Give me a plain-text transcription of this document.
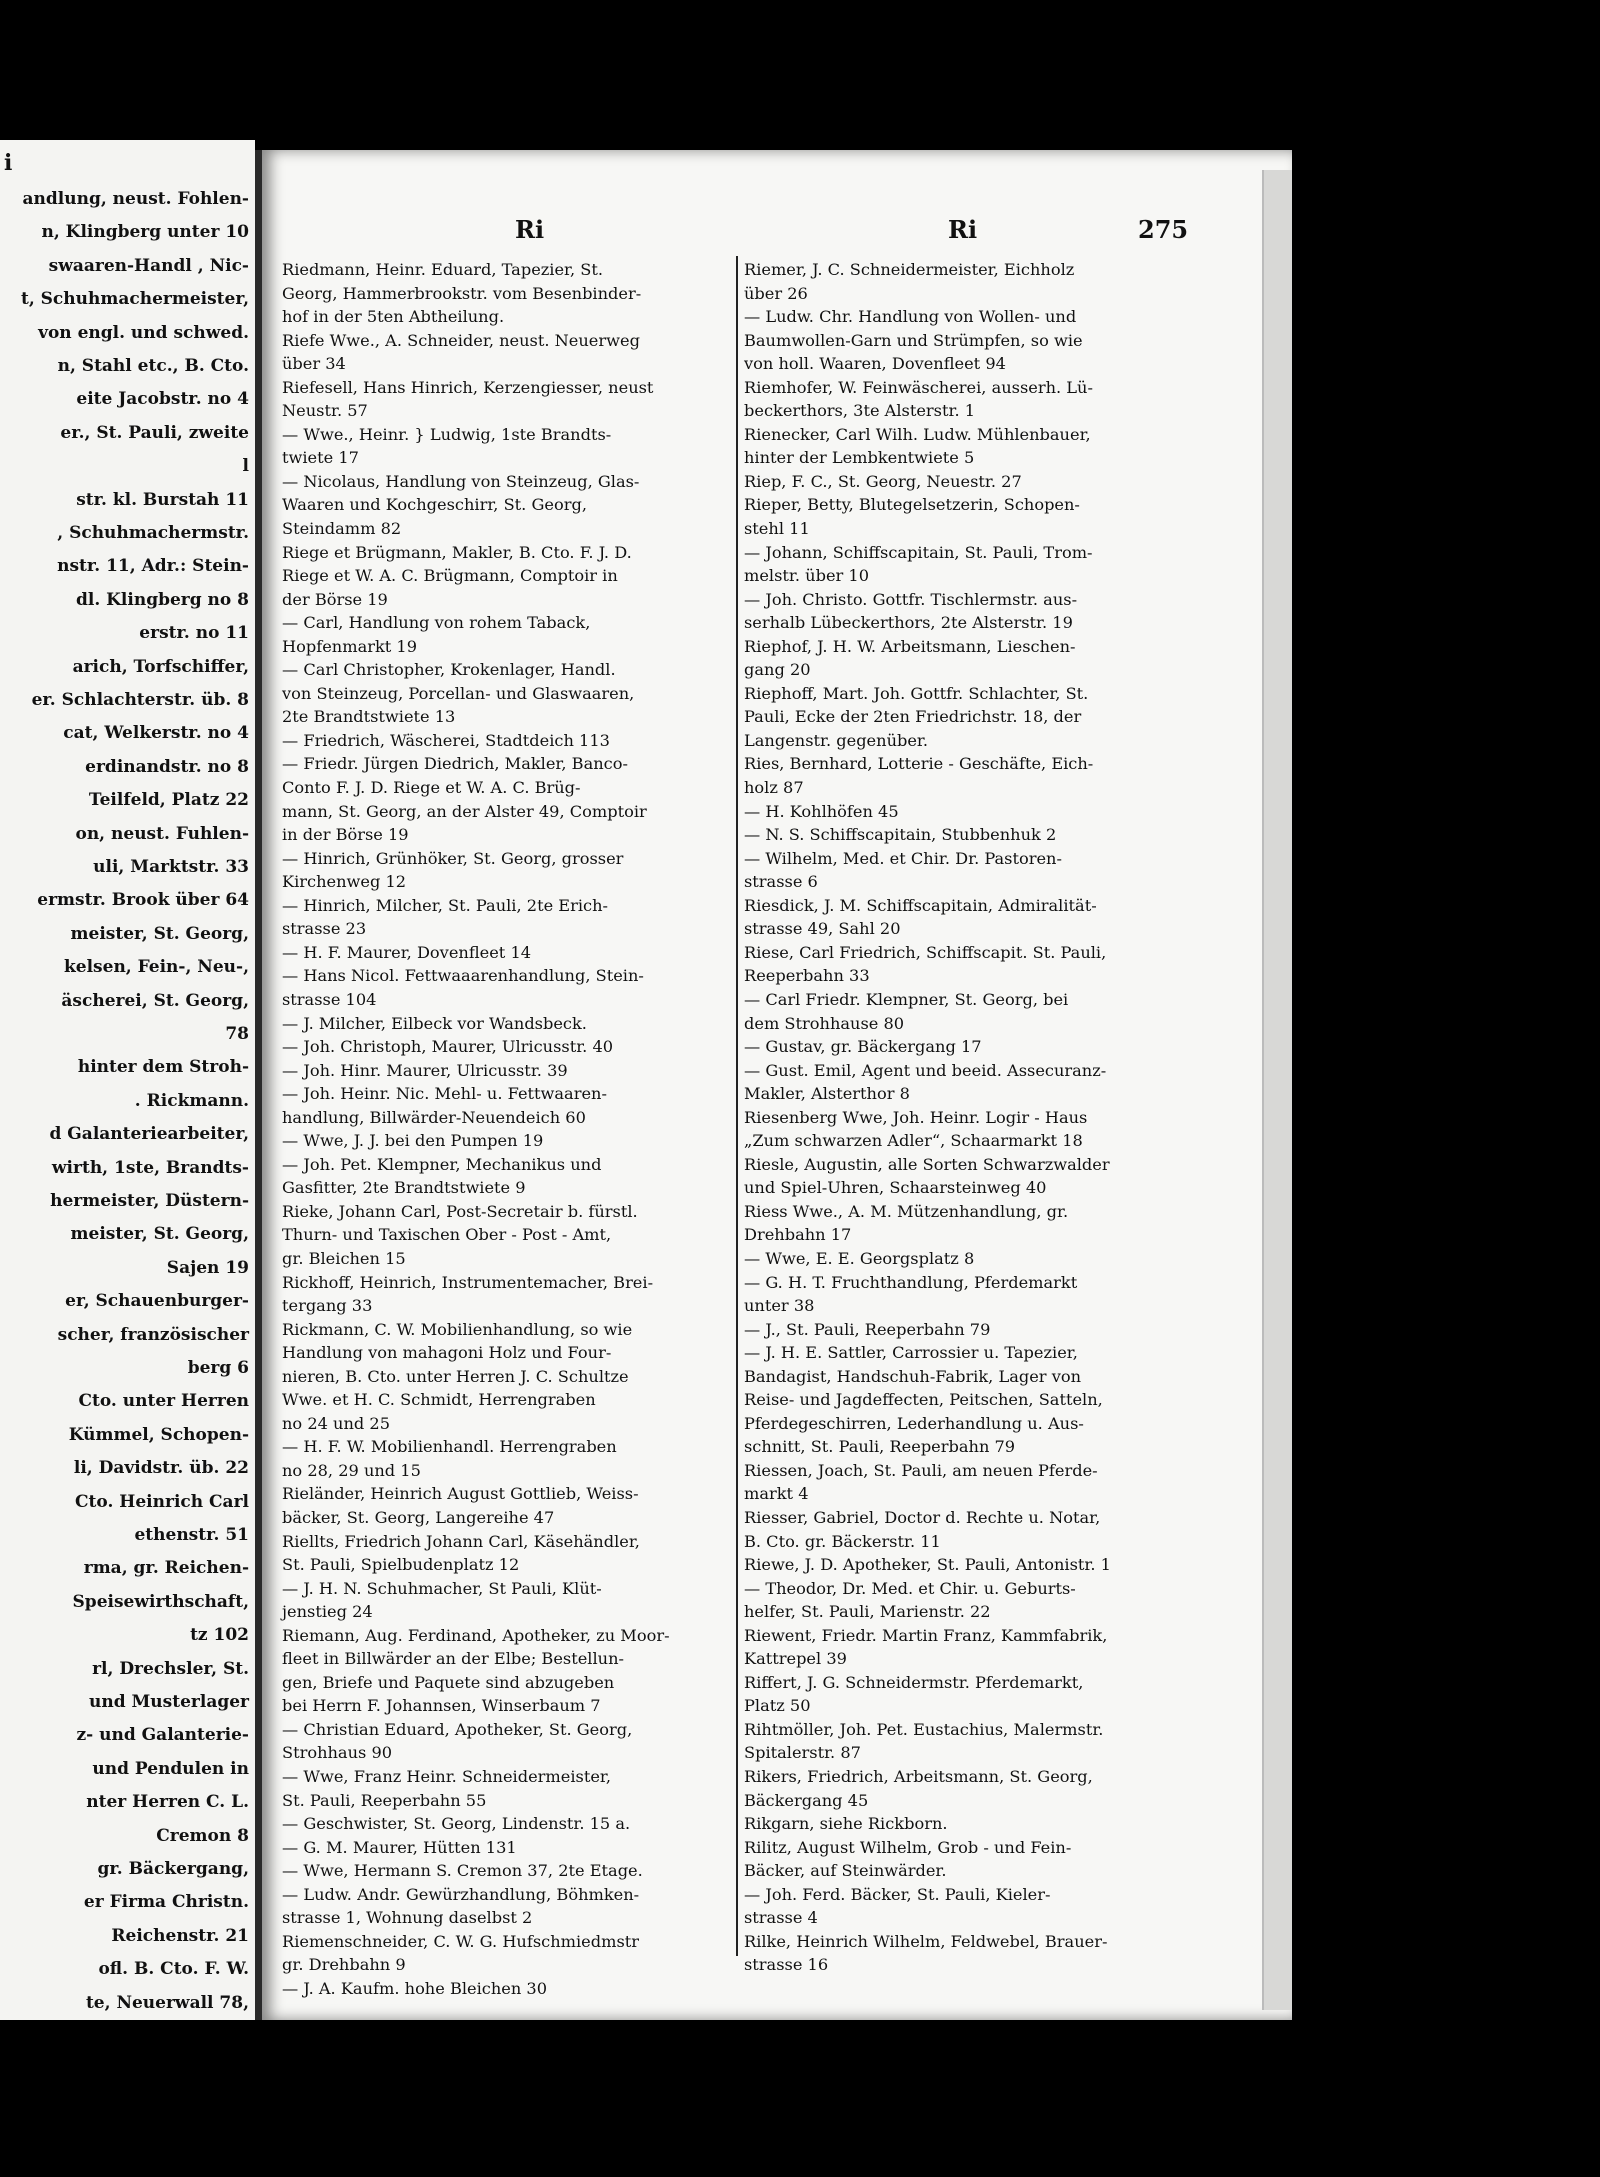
i
andlung, neust. Fohlen-
n, Klingberg unter 10
swaaren-Handl , Nic-
t, Schuhmachermeister,
von engl. und schwed.
n, Stahl etc., B. Cto.
eite Jacobstr. no 4
er., St. Pauli, zweite
l
str. kl. Burstah 11
, Schuhmachermstr.
nstr. 11, Adr.: Stein-
dl. Klingberg no 8
erstr. no 11
arich, Torfschiffer,
er. Schlachterstr. üb. 8
cat, Welkerstr. no 4
erdinandstr. no 8
Teilfeld, Platz 22
on, neust. Fuhlen-
uli, Marktstr. 33
ermstr. Brook über 64
meister, St. Georg,
kelsen, Fein-, Neu-,
äscherei, St. Georg,
78
hinter dem Stroh-
. Rickmann.
d Galanteriearbeiter,
wirth, 1ste, Brandts-
hermeister, Düstern-
meister, St. Georg,
Sajen 19
er, Schauenburger-
scher, französischer
berg 6
Cto. unter Herren
Kümmel, Schopen-
li, Davidstr. üb. 22
Cto. Heinrich Carl
ethenstr. 51
rma, gr. Reichen-
Speisewirthschaft,
tz 102
rl, Drechsler, St.
und Musterlager
z- und Galanterie-
und Pendulen in
nter Herren C. L.
Cremon 8
gr. Bäckergang,
er Firma Christn.
Reichenstr. 21
ofl. B. Cto. F. W.
te, Neuerwall 78,
Ri	Ri	275
Riedmann, Heinr. Eduard, Tapezier, St.
Georg, Hammerbrookstr. vom Besenbinder-
hof in der 5ten Abtheilung.
Riefe Wwe., A. Schneider, neust. Neuerweg
über 34
Riefesell, Hans Hinrich, Kerzengiesser, neust
Neustr. 57
— Wwe., Heinr. } Ludwig, 1ste Brandts-
twiete 17
— Nicolaus, Handlung von Steinzeug, Glas-
Waaren und Kochgeschirr, St. Georg,
Steindamm 82
Riege et Brügmann, Makler, B. Cto. F. J. D.
Riege et W. A. C. Brügmann, Comptoir in
der Börse 19
— Carl, Handlung von rohem Taback,
Hopfenmarkt 19
— Carl Christopher, Krokenlager, Handl.
von Steinzeug, Porcellan- und Glaswaaren,
2te Brandtstwiete 13
— Friedrich, Wäscherei, Stadtdeich 113
— Friedr. Jürgen Diedrich, Makler, Banco-
Conto F. J. D. Riege et W. A. C. Brüg-
mann, St. Georg, an der Alster 49, Comptoir
in der Börse 19
— Hinrich, Grünhöker, St. Georg, grosser
Kirchenweg 12
— Hinrich, Milcher, St. Pauli, 2te Erich-
strasse 23
— H. F. Maurer, Dovenfleet 14
— Hans Nicol. Fettwaaarenhandlung, Stein-
strasse 104
— J. Milcher, Eilbeck vor Wandsbeck.
— Joh. Christoph, Maurer, Ulricusstr. 40
— Joh. Hinr. Maurer, Ulricusstr. 39
— Joh. Heinr. Nic. Mehl- u. Fettwaaren-
handlung, Billwärder-Neuendeich 60
— Wwe, J. J. bei den Pumpen 19
— Joh. Pet. Klempner, Mechanikus und
Gasfitter, 2te Brandtstwiete 9
Rieke, Johann Carl, Post-Secretair b. fürstl.
Thurn- und Taxischen Ober - Post - Amt,
gr. Bleichen 15
Rickhoff, Heinrich, Instrumentemacher, Brei-
tergang 33
Rickmann, C. W. Mobilienhandlung, so wie
Handlung von mahagoni Holz und Four-
nieren, B. Cto. unter Herren J. C. Schultze
Wwe. et H. C. Schmidt, Herrengraben
no 24 und 25
— H. F. W. Mobilienhandl. Herrengraben
no 28, 29 und 15
Rieländer, Heinrich August Gottlieb, Weiss-
bäcker, St. Georg, Langereihe 47
Riellts, Friedrich Johann Carl, Käsehändler,
St. Pauli, Spielbudenplatz 12
— J. H. N. Schuhmacher, St Pauli, Klüt-
jenstieg 24
Riemann, Aug. Ferdinand, Apotheker, zu Moor-
fleet in Billwärder an der Elbe; Bestellun-
gen, Briefe und Paquete sind abzugeben
bei Herrn F. Johannsen, Winserbaum 7
— Christian Eduard, Apotheker, St. Georg,
Strohhaus 90
— Wwe, Franz Heinr. Schneidermeister,
St. Pauli, Reeperbahn 55
— Geschwister, St. Georg, Lindenstr. 15 a.
— G. M. Maurer, Hütten 131
— Wwe, Hermann S. Cremon 37, 2te Etage.
— Ludw. Andr. Gewürzhandlung, Böhmken-
strasse 1, Wohnung daselbst 2
Riemenschneider, C. W. G. Hufschmiedmstr
gr. Drehbahn 9
— J. A. Kaufm. hohe Bleichen 30
Riemer, J. C. Schneidermeister, Eichholz
über 26
— Ludw. Chr. Handlung von Wollen- und
Baumwollen-Garn und Strümpfen, so wie
von holl. Waaren, Dovenfleet 94
Riemhofer, W. Feinwäscherei, ausserh. Lü-
beckerthors, 3te Alsterstr. 1
Rienecker, Carl Wilh. Ludw. Mühlenbauer,
hinter der Lembkentwiete 5
Riep, F. C., St. Georg, Neuestr. 27
Rieper, Betty, Blutegelsetzerin, Schopen-
stehl 11
— Johann, Schiffscapitain, St. Pauli, Trom-
melstr. über 10
— Joh. Christo. Gottfr. Tischlermstr. aus-
serhalb Lübeckerthors, 2te Alsterstr. 19
Riephof, J. H. W. Arbeitsmann, Lieschen-
gang 20
Riephoff, Mart. Joh. Gottfr. Schlachter, St.
Pauli, Ecke der 2ten Friedrichstr. 18, der
Langenstr. gegenüber.
Ries, Bernhard, Lotterie - Geschäfte, Eich-
holz 87
— H. Kohlhöfen 45
— N. S. Schiffscapitain, Stubbenhuk 2
— Wilhelm, Med. et Chir. Dr. Pastoren-
strasse 6
Riesdick, J. M. Schiffscapitain, Admiralität-
strasse 49, Sahl 20
Riese, Carl Friedrich, Schiffscapit. St. Pauli,
Reeperbahn 33
— Carl Friedr. Klempner, St. Georg, bei
dem Strohhause 80
— Gustav, gr. Bäckergang 17
— Gust. Emil, Agent und beeid. Assecuranz-
Makler, Alsterthor 8
Riesenberg Wwe, Joh. Heinr. Logir - Haus
„Zum schwarzen Adler“, Schaarmarkt 18
Riesle, Augustin, alle Sorten Schwarzwalder
und Spiel-Uhren, Schaarsteinweg 40
Riess Wwe., A. M. Mützenhandlung, gr.
Drehbahn 17
— Wwe, E. E. Georgsplatz 8
— G. H. T. Fruchthandlung, Pferdemarkt
unter 38
— J., St. Pauli, Reeperbahn 79
— J. H. E. Sattler, Carrossier u. Tapezier,
Bandagist, Handschuh-Fabrik, Lager von
Reise- und Jagdeffecten, Peitschen, Satteln,
Pferdegeschirren, Lederhandlung u. Aus-
schnitt, St. Pauli, Reeperbahn 79
Riessen, Joach, St. Pauli, am neuen Pferde-
markt 4
Riesser, Gabriel, Doctor d. Rechte u. Notar,
B. Cto. gr. Bäckerstr. 11
Riewe, J. D. Apotheker, St. Pauli, Antonistr. 1
— Theodor, Dr. Med. et Chir. u. Geburts-
helfer, St. Pauli, Marienstr. 22
Riewent, Friedr. Martin Franz, Kammfabrik,
Kattrepel 39
Riffert, J. G. Schneidermstr. Pferdemarkt,
Platz 50
Rihtmöller, Joh. Pet. Eustachius, Malermstr.
Spitalerstr. 87
Rikers, Friedrich, Arbeitsmann, St. Georg,
Bäckergang 45
Rikgarn, siehe Rickborn.
Rilitz, August Wilhelm, Grob - und Fein-
Bäcker, auf Steinwärder.
— Joh. Ferd. Bäcker, St. Pauli, Kieler-
strasse 4
Rilke, Heinrich Wilhelm, Feldwebel, Brauer-
strasse 16
